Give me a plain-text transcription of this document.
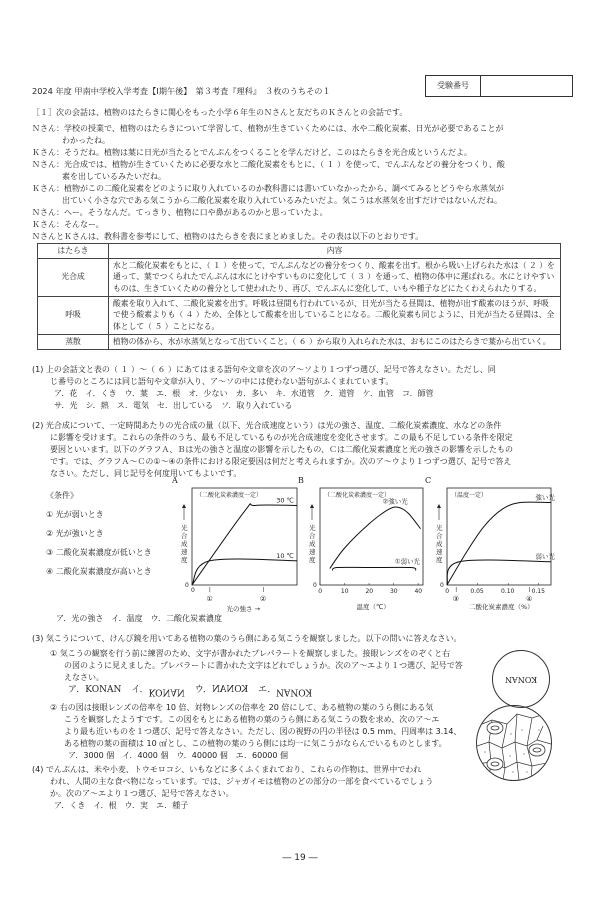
2024 年度 甲南中学校入学考査【Ⅰ期午後】　第３考査『理科』　３枚のうちその１
受験番号
［１］次の会話は、植物のはたらきに関心をもった小学６年生のＮさんと友だちのＫさんとの会話です。
Ｎさん：学校の授業で、植物のはたらきについて学習して、植物が生きていくためには、水や二酸化炭素、日光が必要であることが
わかったね。
Ｋさん：そうだね。植物は葉に日光が当たるとでんぷんをつくることを学んだけど、このはたらきを光合成というんだよ。
Ｎさん：光合成では、植物が生きていくために必要な水と二酸化炭素をもとに、（ １ ）を使って、でんぷんなどの養分をつくり、酸
素を出しているみたいだね。
Ｋさん：植物がこの二酸化炭素をどのように取り入れているのか教科書には書いていなかったから、調べてみるとどうやら水蒸気が
出ていく小さな穴である気こうから二酸化炭素を取り入れているみたいだよ。気こうは水蒸気を出すだけではないんだね。
Ｎさん：へー。そうなんだ。てっきり、植物に口や鼻があるのかと思っていたよ。
Ｋさん：そんなー。
ＮさんとＫさんは、教科書を参考にして、植物のはたらきを表にまとめました。その表は以下のとおりです。
はたらき	内容
光合成	水と二酸化炭素をもとに、（ １ ）を使って、でんぷんなどの養分をつくり、酸素を出す。根から吸い上げられた水は（ ２ ）を通って、葉でつくられたでんぷんは水にとけやすいものに変化して（ ３ ）を通って、植物の体中に運ばれる。水にとけやすいものは、生きていくための養分として使われたり、再び、でんぷんに変化して、いもや種子などにたくわえられたりする。
呼吸	酸素を取り入れて、二酸化炭素を出す。呼吸は昼間も行われているが、日光が当たる昼間は、植物が出す酸素のほうが、呼吸で使う酸素よりも（ ４ ）ため、全体として酸素を出していることになる。二酸化炭素も同じように、日光が当たる昼間は、全体として（ ５ ）ことになる。
蒸散	植物の体から、水が水蒸気となって出ていくこと。（ ６ ）から取り入れられた水は、おもにこのはたらきで葉から出ていく。
(1) 上の会話文と表の（ １ ）～（ ６ ）にあてはまる語句や文章を次のア～ソより１つずつ選び、記号で答えなさい。ただし、同
じ番号のところには同じ語句や文章が入り、ア～ソの中には使わない語句がふくまれています。
ア．花　イ．くき　ウ．葉　エ．根　オ．少ない　カ．多い　キ．水道管　ク．道管　ケ．血管　コ．師管
サ．光　シ．熱　ス．電気　セ．出している　ソ．取り入れている
(2) 光合成について、一定時間あたりの光合成の量（以下、光合成速度という）は光の強さ、温度、二酸化炭素濃度、水などの条件
に影響を受けます。これらの条件のうち、最も不足しているものが光合成速度を変化させます。この最も不足している条件を限定
要因といいます。以下のグラフＡ、Ｂは光の強さと温度の影響を示したもの、Ｃは二酸化炭素濃度と光の強さの影響を示したもの
です。では、グラフＡ～Ｃの①～④の条件における限定要因は何だと考えられますか。次のア～ウより１つずつ選び、記号で答え
なさい。ただし、同じ記号を何度用いてもよいです。
《条件》
① 光が弱いとき
② 光が強いとき
③ 二酸化炭素濃度が低いとき
④ 二酸化炭素濃度が高いとき
A
（二酸化炭素濃度一定）
光
合
成
速
度
0
0
30 ℃
10 ℃
①	②
光の強さ →
B
（二酸化炭素濃度一定）
光
合
成
速
度
0
0	10	20	30	40
②強い光
①弱い光
温度（℃）
C
（温度一定）
光
合
成
速
度
0
0	0.05	0.10	0.15
強い光
弱い光
③	④
二酸化炭素濃度（%）
ア．光の強さ　イ．温度　ウ．二酸化炭素濃度
(3) 気こうについて、けんび鏡を用いてある植物の葉のうら側にある気こうを観察しました。以下の問いに答えなさい。
① 気こうの観察を行う前に練習のため、文字が書かれたプレパラートを観察しました。接眼レンズをのぞくと右
の図のように見えました。プレパラートに書かれた文字はどれでしょうか。次のア～エより１つ選び、記号で答
えなさい。
ア．KONAN イ．KONAN ウ．KONAN エ．KONAN
② 右の図は接眼レンズの倍率を 10 倍、対物レンズの倍率を 20 倍にして、ある植物の葉のうら側にある気
こうを観察したようすです。この図をもとにある植物の葉のうら側にある気こうの数を求め、次のア～エ
より最も近いものを１つ選び、記号で答えなさい。ただし、図の視野の円の半径は 0.5 mm、円周率は 3.14、
ある植物の葉の面積は 10 ㎠とし、この植物の葉のうら側には均一に気こうがならんでいるものとします。
ア．3000 個　イ．4000 個　ウ．40000 個　エ．60000 個
KONAN
(4) でんぷんは、米や小麦、トウモロコシ、いもなどに多くふくまれており、これらの作物は、世界中でわれ
われ、人間の主な食べ物になっています。では、ジャガイモは植物のどの部分の一部を食べているでしょう
か。次のア～エより１つ選び、記号で答えなさい。
ア．くき　イ．根　ウ．実　エ．種子
― 19 ―
